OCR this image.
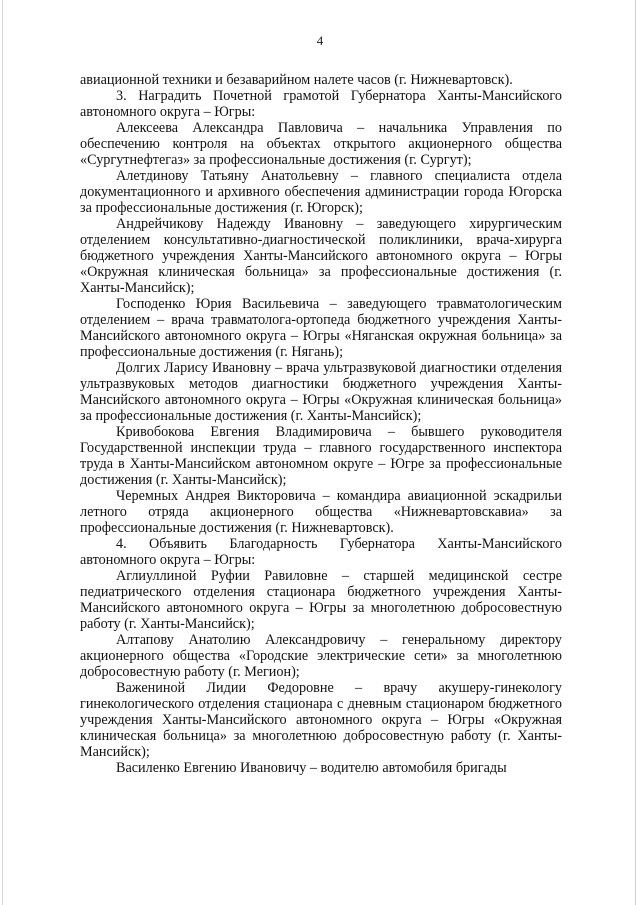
4

авиационной техники и безаварийном налете часов (г. Нижневартовск).

3. Наградить Почетной грамотой Губернатора Ханты-Мансийского автономного округа – Югры:

Алексеева Александра Павловича – начальника Управления по обеспечению контроля на объектах открытого акционерного общества «Сургутнефтегаз» за профессиональные достижения (г. Сургут);

Алетдинову Татьяну Анатольевну – главного специалиста отдела документационного и архивного обеспечения администрации города Югорска за профессиональные достижения (г. Югорск);

Андрейчикову Надежду Ивановну – заведующего хирургическим отделением консультативно-диагностической поликлиники, врача-хирурга бюджетного учреждения Ханты-Мансийского автономного округа – Югры «Окружная клиническая больница» за профессиональные достижения (г. Ханты-Мансийск);

Господенко Юрия Васильевича – заведующего травматологическим отделением – врача травматолога-ортопеда бюджетного учреждения Ханты-Мансийского автономного округа – Югры «Няганская окружная больница» за профессиональные достижения (г. Нягань);

Долгих Ларису Ивановну – врача ультразвуковой диагностики отделения ультразвуковых методов диагностики бюджетного учреждения Ханты-Мансийского автономного округа – Югры «Окружная клиническая больница» за профессиональные достижения (г. Ханты-Мансийск);

Кривобокова Евгения Владимировича – бывшего руководителя Государственной инспекции труда – главного государственного инспектора труда в Ханты-Мансийском автономном округе – Югре за профессиональные достижения (г. Ханты-Мансийск);

Черемных Андрея Викторовича – командира авиационной эскадрильи летного отряда акционерного общества «Нижневартовскавиа» за профессиональные достижения (г. Нижневартовск).

4. Объявить Благодарность Губернатора Ханты-Мансийского автономного округа – Югры:

Аглиуллиной Руфии Равиловне – старшей медицинской сестре педиатрического отделения стационара бюджетного учреждения Ханты-Мансийского автономного округа – Югры за многолетнюю добросовестную работу (г. Ханты-Мансийск);

Алтапову Анатолию Александровичу – генеральному директору акционерного общества «Городские электрические сети» за многолетнюю добросовестную работу (г. Мегион);

Важениной Лидии Федоровне – врачу акушеру-гинекологу гинекологического отделения стационара с дневным стационаром бюджетного учреждения Ханты-Мансийского автономного округа – Югры «Окружная клиническая больница» за многолетнюю добросовестную работу (г. Ханты-Мансийск);

Василенко Евгению Ивановичу – водителю автомобиля бригады
